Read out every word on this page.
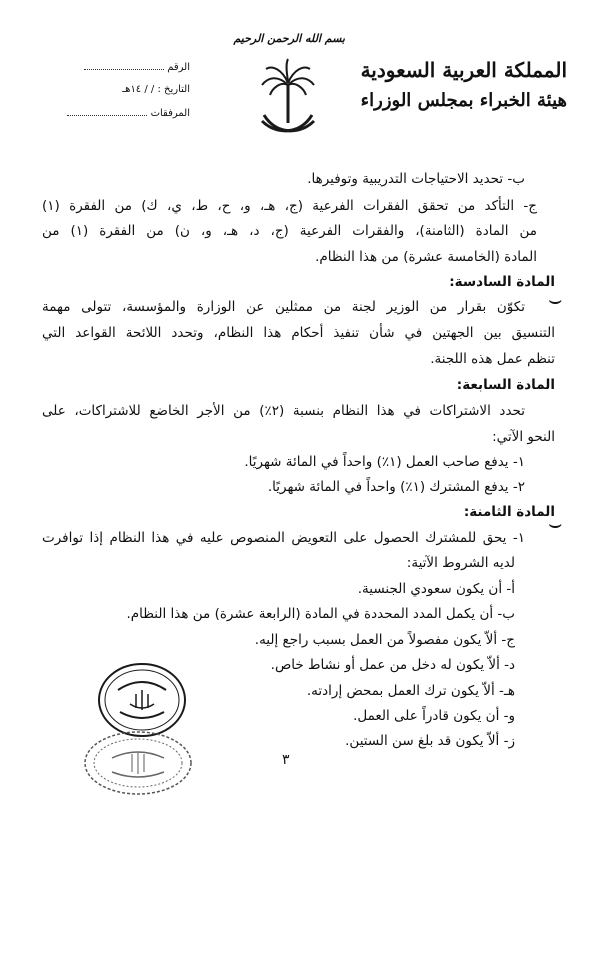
بسم الله الرحمن الرحيم
المملكة العربية السعودية
هيئة الخبراء بمجلس الوزراء
الرقم
التاريخ : / / ١٤هـ
المرفقات
ب- تحديد الاحتياجات التدريبية وتوفيرها.
ج- التأكد من تحقق الفقرات الفرعية (ج، هـ، و، ح، ط، ي، ك) من الفقرة (١)
من المادة (الثامنة)، والفقرات الفرعية (ج، د، هـ، و، ن) من الفقرة (١) من
المادة (الخامسة عشرة) من هذا النظام.
المادة السادسة:
⌣
تكوّن بقرار من الوزير لجنة من ممثلين عن الوزارة والمؤسسة، تتولى مهمة
التنسيق بين الجهتين في شأن تنفيذ أحكام هذا النظام، وتحدد اللائحة القواعد التي
تنظم عمل هذه اللجنة.
المادة السابعة:
تحدد الاشتراكات في هذا النظام بنسبة (٢٪) من الأجر الخاضع للاشتراكات، على
النحو الآتي:
١- يدفع صاحب العمل (١٪) واحداً في المائة شهريًا.
٢- يدفع المشترك (١٪) واحداً في المائة شهريًا.
المادة الثامنة:
⌣
١- يحق للمشترك الحصول على التعويض المنصوص عليه في هذا النظام إذا توافرت
لديه الشروط الآتية:
أ- أن يكون سعودي الجنسية.
ب- أن يكمل المدد المحددة في المادة (الرابعة عشرة) من هذا النظام.
ج- ألاّ يكون مفصولاً من العمل بسبب راجع إليه.
د- ألاّ يكون له دخل من عمل أو نشاط خاص.
هـ- ألاّ يكون ترك العمل بمحض إرادته.
و- أن يكون قادراً على العمل.
ز- ألاّ يكون قد بلغ سن الستين.
٣
